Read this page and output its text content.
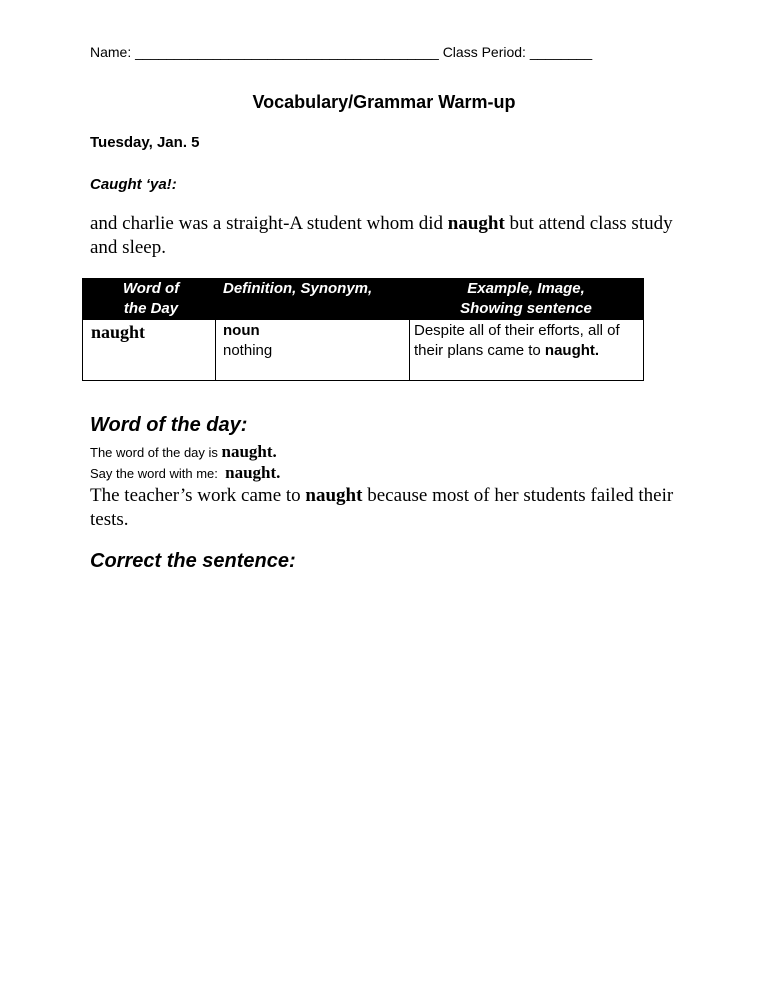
Name: _______________________________________ Class Period: ________
Vocabulary/Grammar Warm-up
Tuesday, Jan. 5
Caught ‘ya!:
and charlie was a straight-A student whom did naught but attend class study and sleep.
Word of
the Day
Definition, Synonym,	Example, Image,
Showing sentence
naught	noun
nothing
Despite all of their efforts, all of their plans came to naught.
Word of the day:
The word of the day is naught.
Say the word with me:  naught.
The teacher’s work came to naught because most of her students failed their tests.
Correct the sentence:
